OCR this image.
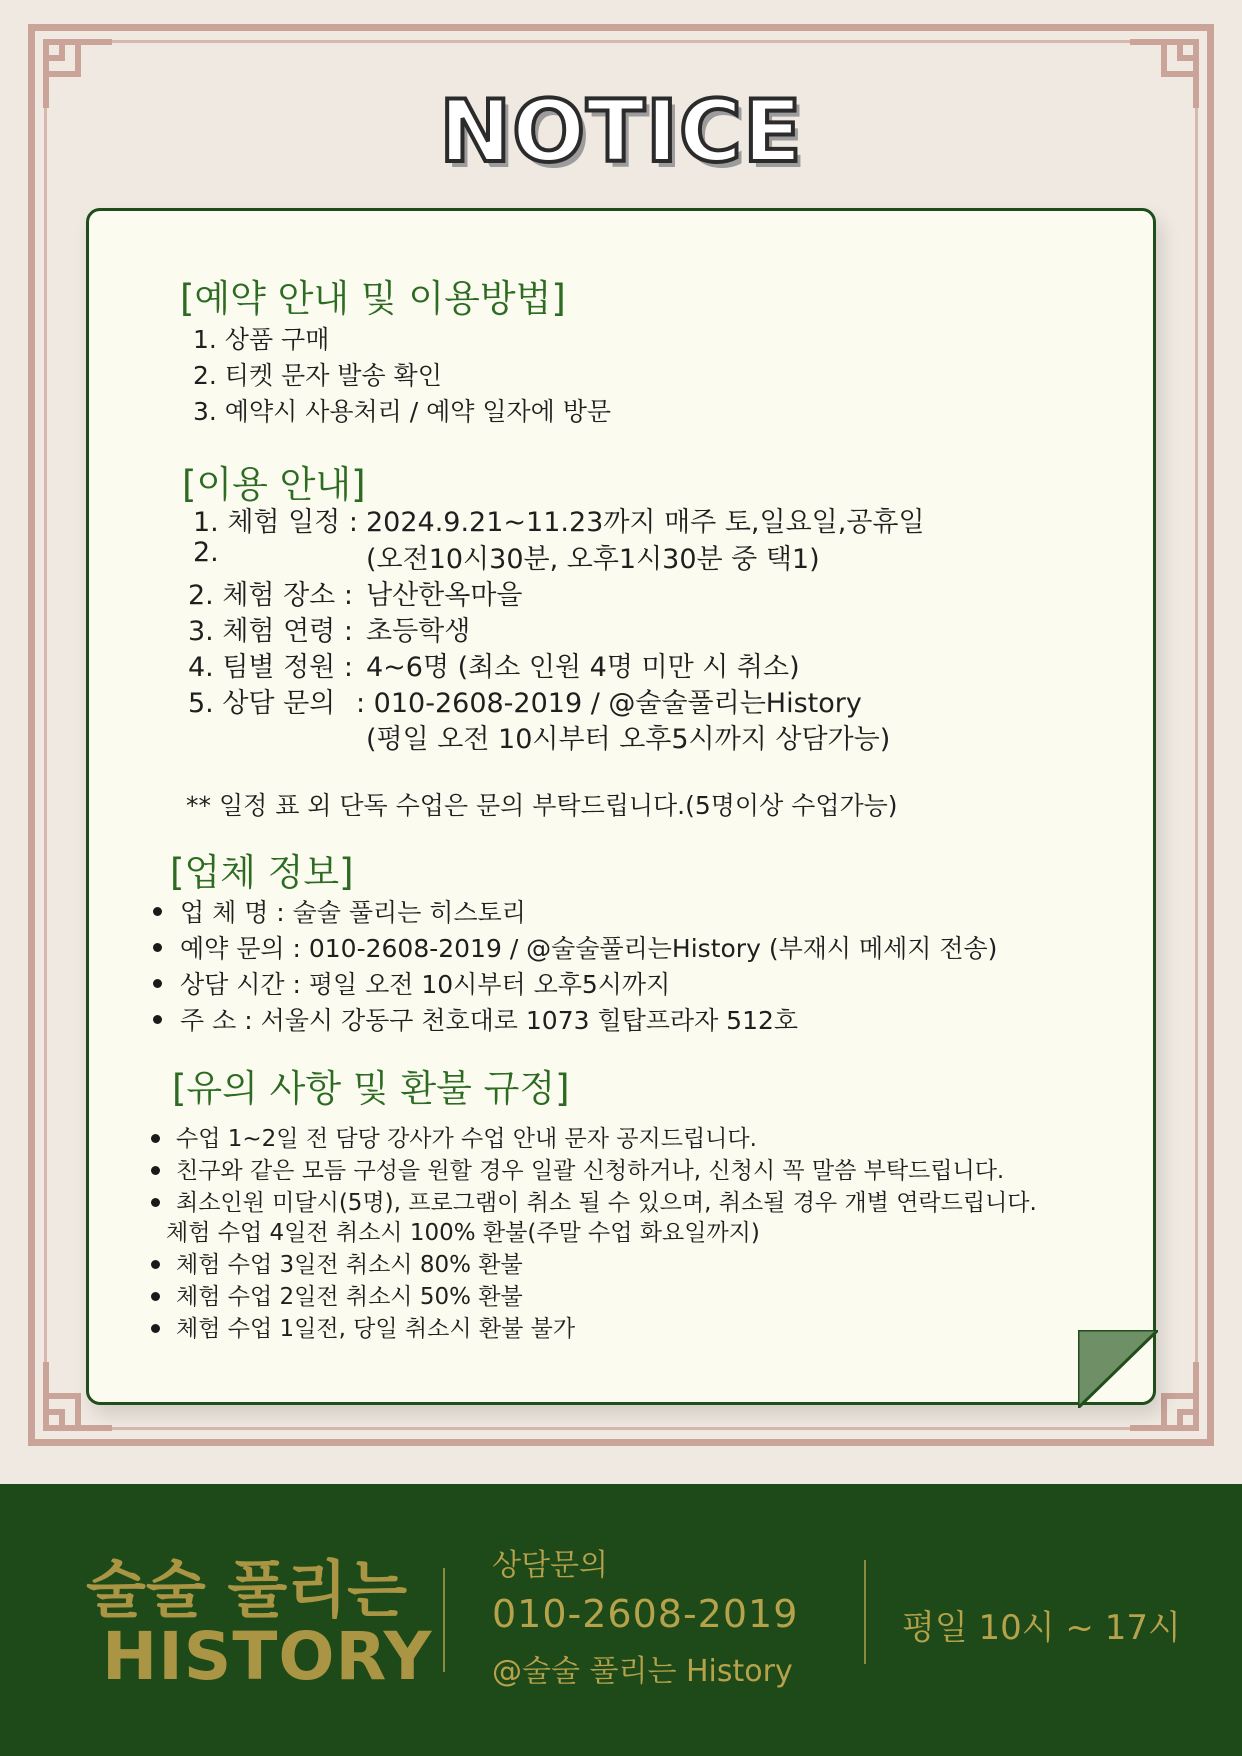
NOTICE
[예약 안내 및 이용방법]
1. 상품 구매
2. 티켓 문자 발송 확인
3. 예약시 사용처리 / 예약 일자에 방문
[이용 안내]
1. 체험 일정 : 2024.9.21~11.23까지 매주 토,일요일,공휴일
2.	(오전10시30분, 오후1시30분 중 택1)
2. 체험 장소 : 남산한옥마을
3. 체험 연령 : 초등학생
4. 팀별 정원 : 4~6명 (최소 인원 4명 미만 시 취소)
5. 상담 문의 : 010-2608-2019 / @술술풀리는History
(평일 오전 10시부터 오후5시까지 상담가능)
** 일정 표 외 단독 수업은 문의 부탁드립니다.(5명이상 수업가능)
[업체 정보]
업 체 명 : 술술 풀리는 히스토리
예약 문의 : 010-2608-2019 / @술술풀리는History (부재시 메세지 전송)
상담 시간 : 평일 오전 10시부터 오후5시까지
주 소 : 서울시 강동구 천호대로 1073 힐탑프라자 512호
[유의 사항 및 환불 규정]
수업 1~2일 전 담당 강사가 수업 안내 문자 공지드립니다.
친구와 같은 모듬 구성을 원할 경우 일괄 신청하거나, 신청시 꼭 말씀 부탁드립니다.
최소인원 미달시(5명), 프로그램이 취소 될 수 있으며, 취소될 경우 개별 연락드립니다.
체험 수업 4일전 취소시 100% 환불(주말 수업 화요일까지)
체험 수업 3일전 취소시 80% 환불
체험 수업 2일전 취소시 50% 환불
체험 수업 1일전, 당일 취소시 환불 불가
술술 풀리는
HISTORY
상담문의
010-2608-2019
@술술 풀리는 History
평일 10시 ~ 17시
